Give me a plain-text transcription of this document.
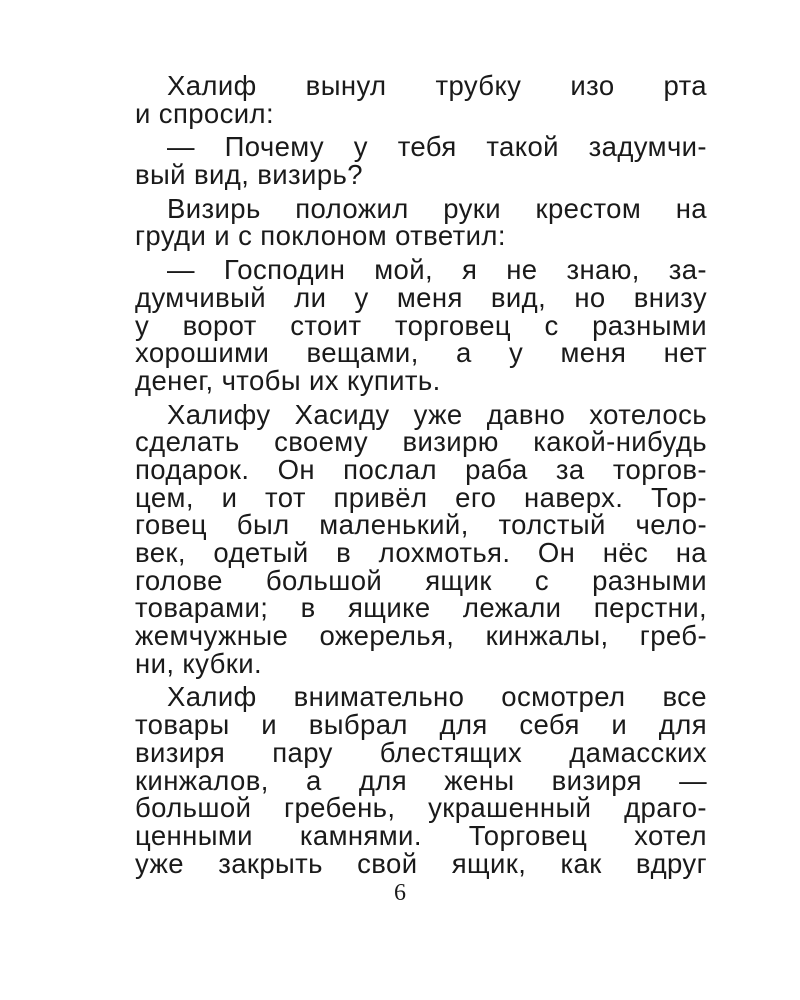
Халиф вынул трубку изо рта
и спросил:
— Почему у тебя такой задумчи-
вый вид, визирь?
Визирь положил руки крестом на
груди и с поклоном ответил:
— Господин мой, я не знаю, за-
думчивый ли у меня вид, но внизу
у ворот стоит торговец с разными
хорошими вещами, а у меня нет
денег, чтобы их купить.
Халифу Хасиду уже давно хотелось
сделать своему визирю какой-нибудь
подарок. Он послал раба за торгов-
цем, и тот привёл его наверх. Тор-
говец был маленький, толстый чело-
век, одетый в лохмотья. Он нёс на
голове большой ящик с разными
товарами; в ящике лежали перстни,
жемчужные ожерелья, кинжалы, греб-
ни, кубки.
Халиф внимательно осмотрел все
товары и выбрал для себя и для
визиря пару блестящих дамасских
кинжалов, а для жены визиря —
большой гребень, украшенный драго-
ценными камнями. Торговец хотел
уже закрыть свой ящик, как вдруг
6
